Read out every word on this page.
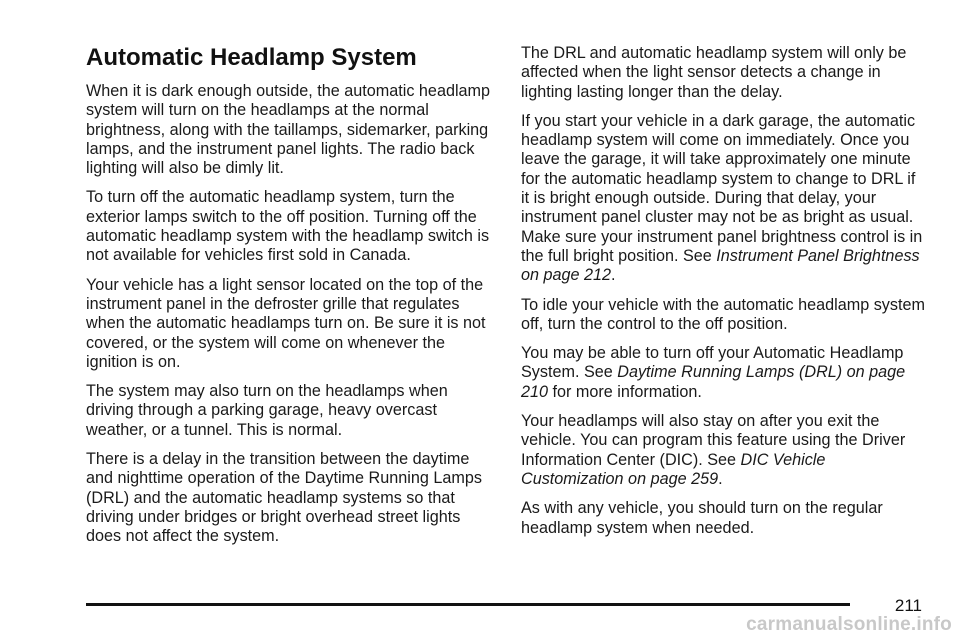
Automatic Headlamp System

When it is dark enough outside, the automatic headlamp system will turn on the headlamps at the normal brightness, along with the taillamps, sidemarker, parking lamps, and the instrument panel lights. The radio back lighting will also be dimly lit.

To turn off the automatic headlamp system, turn the exterior lamps switch to the off position. Turning off the automatic headlamp system with the headlamp switch is not available for vehicles first sold in Canada.

Your vehicle has a light sensor located on the top of the instrument panel in the defroster grille that regulates when the automatic headlamps turn on. Be sure it is not covered, or the system will come on whenever the ignition is on.

The system may also turn on the headlamps when driving through a parking garage, heavy overcast weather, or a tunnel. This is normal.

There is a delay in the transition between the daytime and nighttime operation of the Daytime Running Lamps (DRL) and the automatic headlamp systems so that driving under bridges or bright overhead street lights does not affect the system.

The DRL and automatic headlamp system will only be affected when the light sensor detects a change in lighting lasting longer than the delay.

If you start your vehicle in a dark garage, the automatic headlamp system will come on immediately. Once you leave the garage, it will take approximately one minute for the automatic headlamp system to change to DRL if it is bright enough outside. During that delay, your instrument panel cluster may not be as bright as usual. Make sure your instrument panel brightness control is in the full bright position. See Instrument Panel Brightness on page 212.

To idle your vehicle with the automatic headlamp system off, turn the control to the off position.

You may be able to turn off your Automatic Headlamp System. See Daytime Running Lamps (DRL) on page 210 for more information.

Your headlamps will also stay on after you exit the vehicle. You can program this feature using the Driver Information Center (DIC). See DIC Vehicle Customization on page 259.

As with any vehicle, you should turn on the regular headlamp system when needed.

211
carmanualsonline.info
